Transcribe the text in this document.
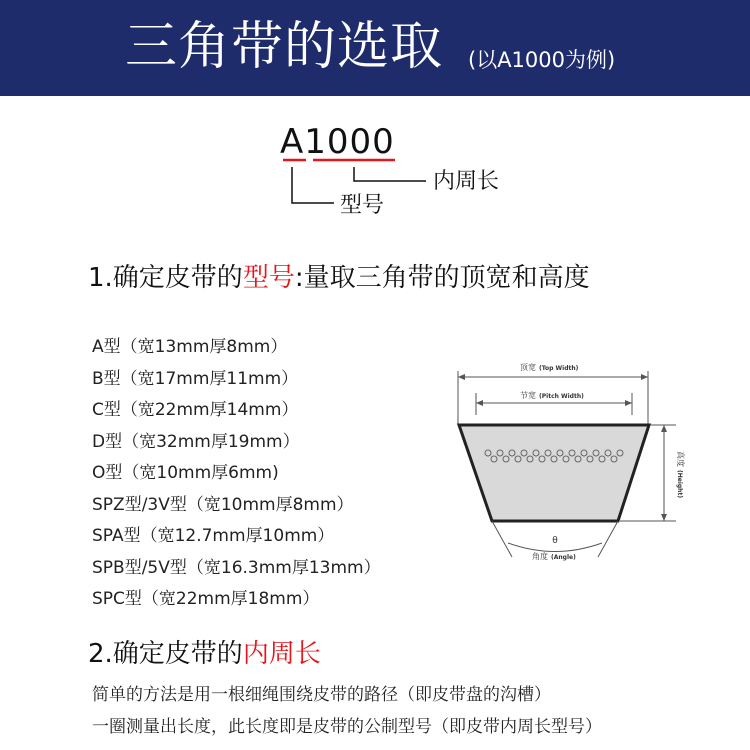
三角带的选取 (以A1000为例)
A1000
内周长
型号
1.确定皮带的型号:量取三角带的顶宽和高度
A型（宽13mm厚8mm）
B型（宽17mm厚11mm）
C型（宽22mm厚14mm）
D型（宽32mm厚19mm）
O型（宽10mm厚6mm)
SPZ型/3V型（宽10mm厚8mm）
SPA型（宽12.7mm厚10mm）
SPB型/5V型（宽16.3mm厚13mm）
SPC型（宽22mm厚18mm）
顶宽 (Top Width)
节宽 (Pitch Width)
高度
(Height)
θ
角度 (Angle)
2.确定皮带的内周长
简单的方法是用一根细绳围绕皮带的路径（即皮带盘的沟槽）
一圈测量出长度，此长度即是皮带的公制型号（即皮带内周长型号）
